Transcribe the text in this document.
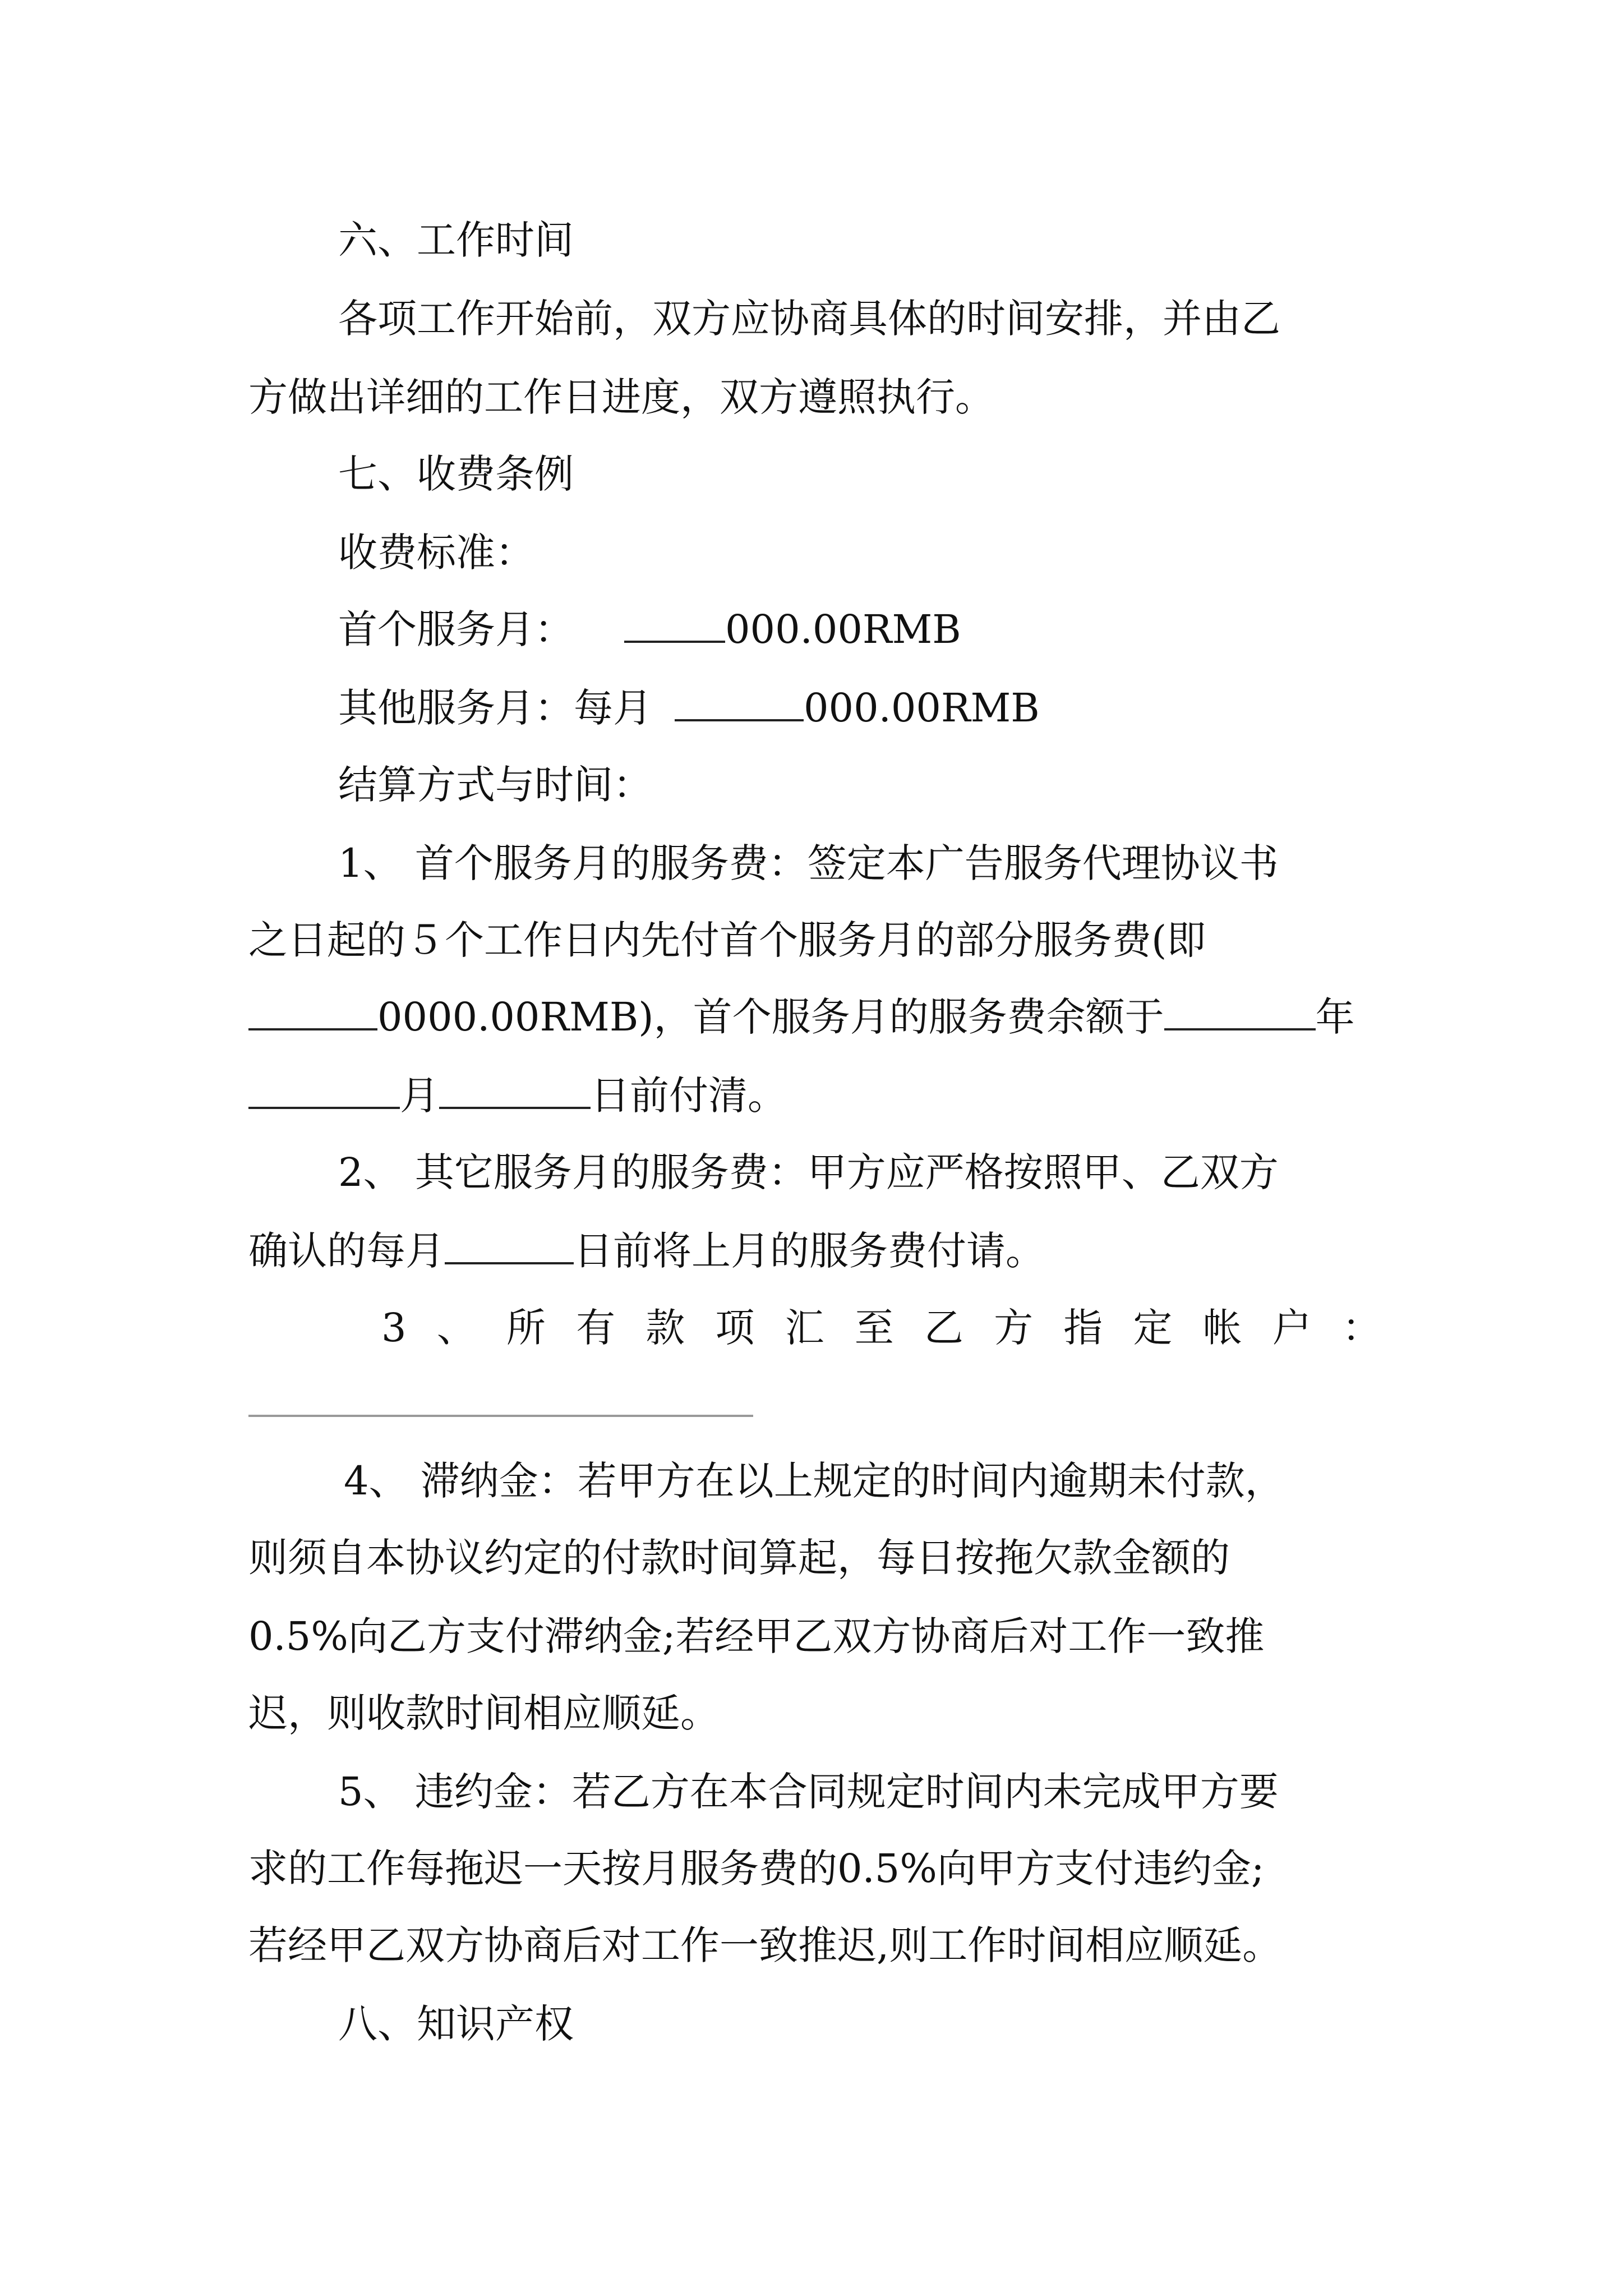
六、工作时间
各项工作开始前，双方应协商具体的时间安排，并由乙
方做出详细的工作日进度，双方遵照执行。
七、收费条例
收费标准：
首个服务月：	000.00RMB
其他服务月：每月	000.00RMB
结算方式与时间：
1、 首个服务月的服务费：签定本广告服务代理协议书
之日起的５个工作日内先付首个服务月的部分服务费(即
0000.00RMB)，首个服务月的服务费余额于	年
月	日前付清。
2、 其它服务月的服务费：甲方应严格按照甲、乙双方
确认的每月	日前将上月的服务费付请。
3 、 所 有 款 项 汇 至 乙 方 指 定 帐 户 ：
4、 滞纳金：若甲方在以上规定的时间内逾期未付款，
则须自本协议约定的付款时间算起，每日按拖欠款金额的
0.5%向乙方支付滞纳金;若经甲乙双方协商后对工作一致推
迟，则收款时间相应顺延。
5、 违约金：若乙方在本合同规定时间内未完成甲方要
求的工作每拖迟一天按月服务费的0.5%向甲方支付违约金;
若经甲乙双方协商后对工作一致推迟,则工作时间相应顺延。
八、知识产权
